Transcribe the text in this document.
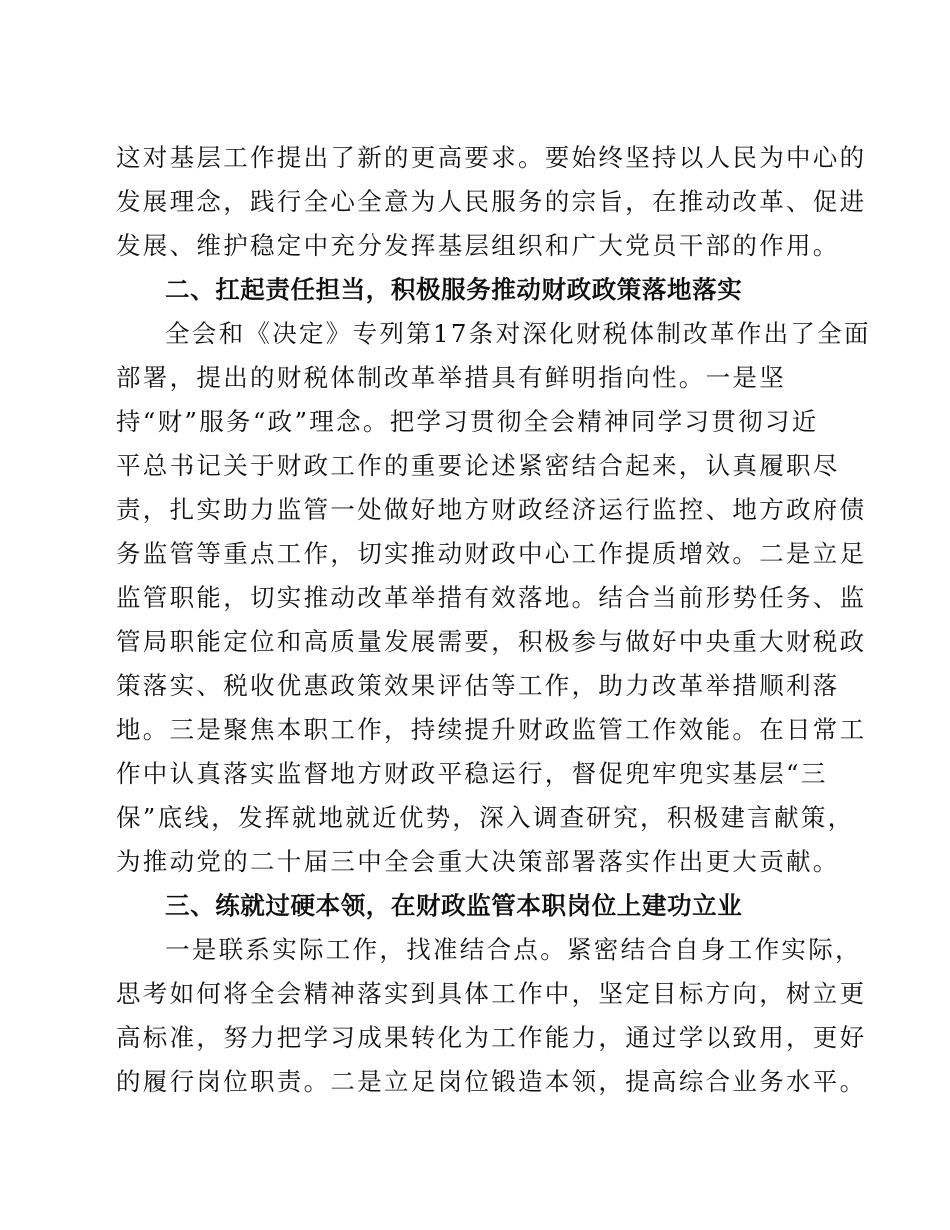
这对基层工作提出了新的更高要求。要始终坚持以人民为中心的
发展理念，践行全心全意为人民服务的宗旨，在推动改革、促进
发展、维护稳定中充分发挥基层组织和广大党员干部的作用。
二、扛起责任担当，积极服务推动财政政策落地落实
全会和《决定》专列第17条对深化财税体制改革作出了全面
部署，提出的财税体制改革举措具有鲜明指向性。一是坚
持“财”服务“政”理念。把学习贯彻全会精神同学习贯彻习近
平总书记关于财政工作的重要论述紧密结合起来，认真履职尽
责，扎实助力监管一处做好地方财政经济运行监控、地方政府债
务监管等重点工作，切实推动财政中心工作提质增效。二是立足
监管职能，切实推动改革举措有效落地。结合当前形势任务、监
管局职能定位和高质量发展需要，积极参与做好中央重大财税政
策落实、税收优惠政策效果评估等工作，助力改革举措顺利落
地。三是聚焦本职工作，持续提升财政监管工作效能。在日常工
作中认真落实监督地方财政平稳运行，督促兜牢兜实基层“三
保”底线，发挥就地就近优势，深入调查研究，积极建言献策，
为推动党的二十届三中全会重大决策部署落实作出更大贡献。
三、练就过硬本领，在财政监管本职岗位上建功立业
一是联系实际工作，找准结合点。紧密结合自身工作实际，
思考如何将全会精神落实到具体工作中，坚定目标方向，树立更
高标准，努力把学习成果转化为工作能力，通过学以致用，更好
的履行岗位职责。二是立足岗位锻造本领，提高综合业务水平。
